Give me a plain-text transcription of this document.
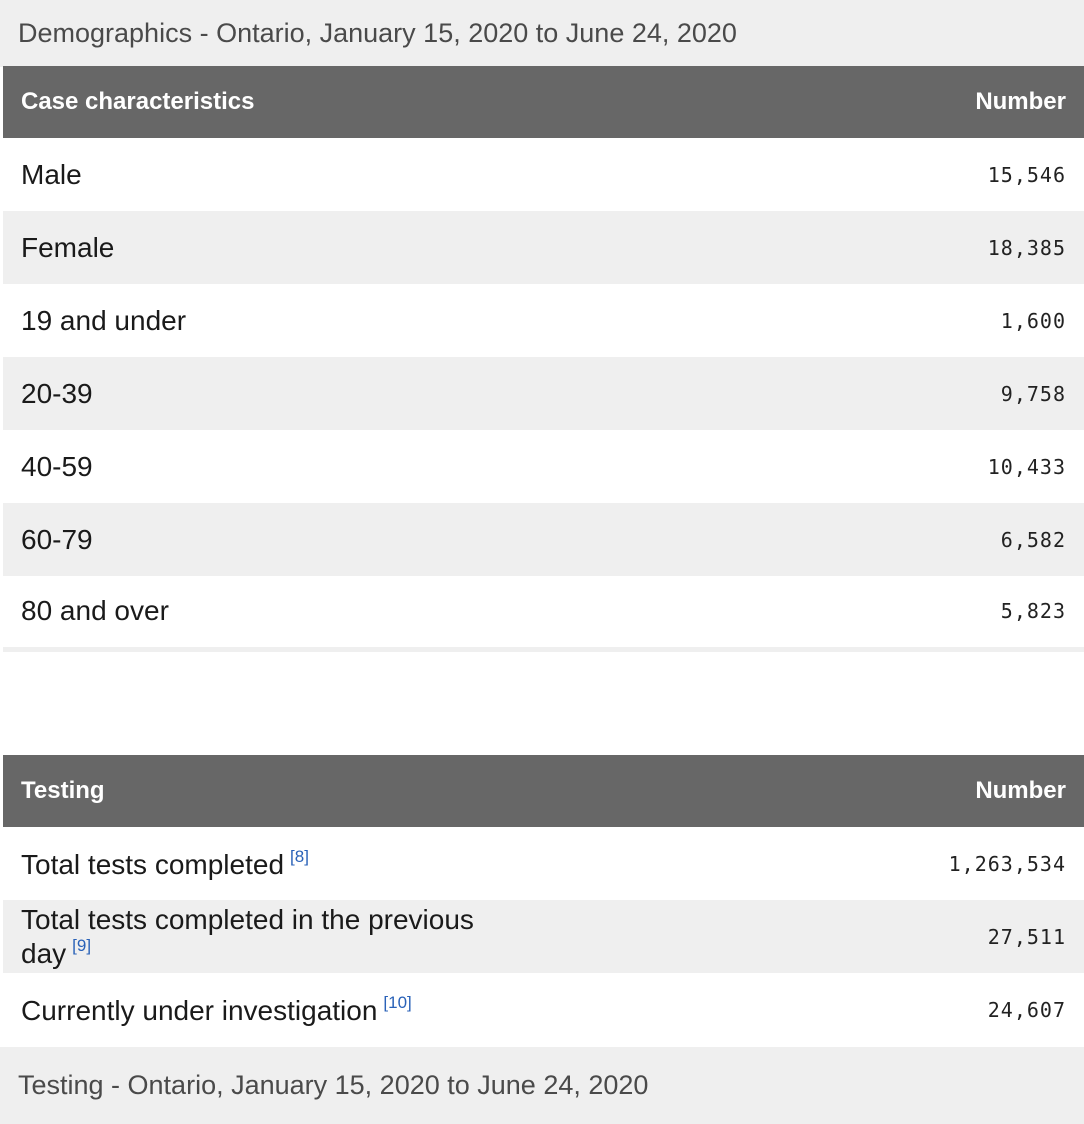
Demographics - Ontario, January 15, 2020 to June 24, 2020
Case characteristics	Number
Male	15,546
Female	18,385
19 and under	1,600
20-39	9,758
40-59	10,433
60-79	6,582
80 and over	5,823
Testing	Number
Total tests completed [8]	1,263,534
Total tests completed in the previous day [9]	27,511
Currently under investigation [10]	24,607
Testing - Ontario, January 15, 2020 to June 24, 2020
